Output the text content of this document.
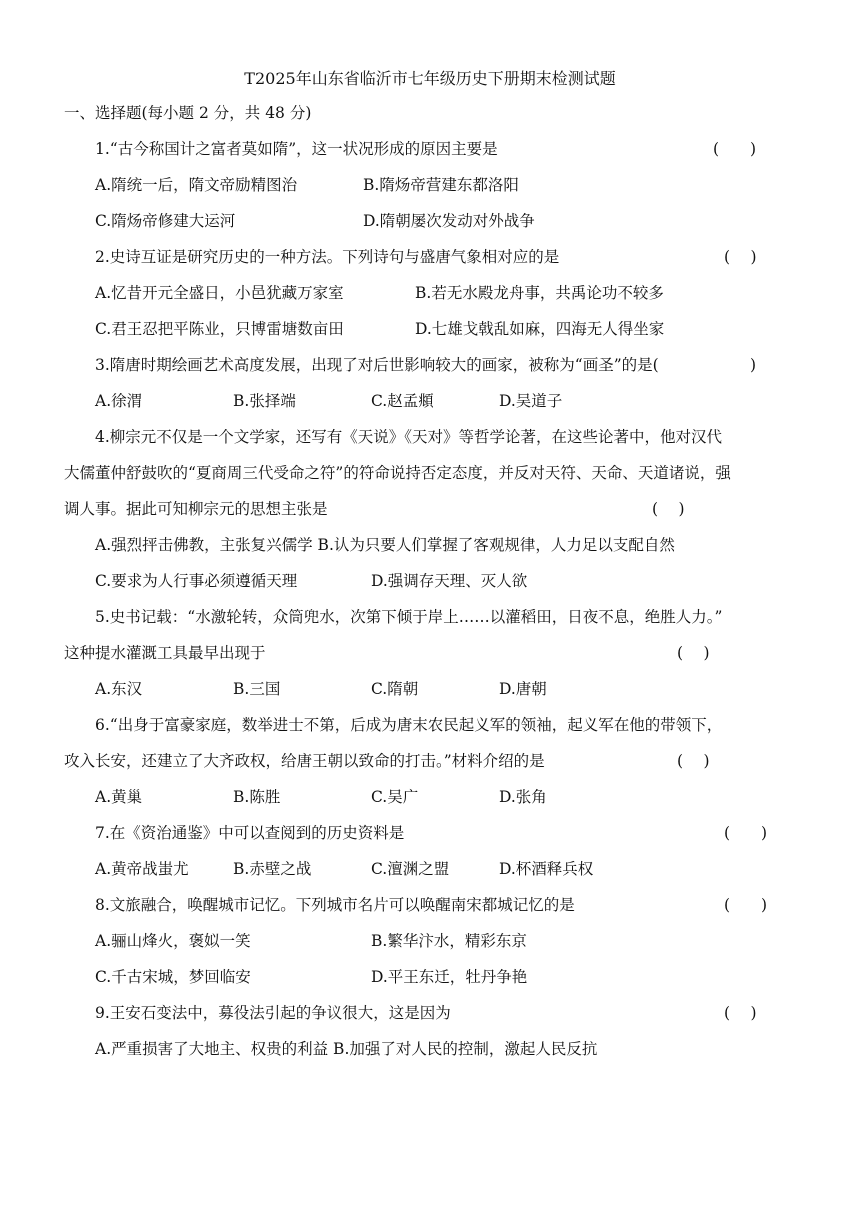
T2025年山东省临沂市七年级历史下册期末检测试题
一、选择题(每小题 2 分，共 48 分)
1.“古今称国计之富者莫如隋”，这一状况形成的原因主要是	(　　)
A.隋统一后，隋文帝励精图治	B.隋炀帝营建东都洛阳
C.隋炀帝修建大运河	D.隋朝屡次发动对外战争
2.史诗互证是研究历史的一种方法。下列诗句与盛唐气象相对应的是	(　 )
A.忆昔开元全盛日，小邑犹藏万家室	B.若无水殿龙舟事，共禹论功不较多
C.君王忍把平陈业，只博雷塘数亩田	D.七雄戈戟乱如麻，四海无人得坐家
3.隋唐时期绘画艺术高度发展，出现了对后世影响较大的画家，被称为“画圣”的是(	)
A.徐渭	B.张择端	C.赵孟頫	D.吴道子
4.柳宗元不仅是一个文学家，还写有《天说》《天对》等哲学论著，在这些论著中，他对汉代
大儒董仲舒鼓吹的“夏商周三代受命之符”的符命说持否定态度，并反对天符、天命、天道诸说，强
调人事。据此可知柳宗元的思想主张是	(　 )
A.强烈抨击佛教，主张复兴儒学 B.认为只要人们掌握了客观规律，人力足以支配自然
C.要求为人行事必须遵循天理	D.强调存天理、灭人欲
5.史书记载：“水激轮转，众筒兜水，次第下倾于岸上……以灌稻田，日夜不息，绝胜人力。”
这种提水灌溉工具最早出现于	(　 )
A.东汉	B.三国	C.隋朝	D.唐朝
6.“出身于富豪家庭，数举进士不第，后成为唐末农民起义军的领袖，起义军在他的带领下，
攻入长安，还建立了大齐政权，给唐王朝以致命的打击。”材料介绍的是	(　 )
A.黄巢	B.陈胜	C.吴广	D.张角
7.在《资治通鉴》中可以查阅到的历史资料是	(　　)
A.黄帝战蚩尤	B.赤壁之战	C.澶渊之盟	D.杯酒释兵权
8.文旅融合，唤醒城市记忆。下列城市名片可以唤醒南宋都城记忆的是	(　　)
A.骊山烽火，褒姒一笑	B.繁华汴水，精彩东京
C.千古宋城，梦回临安	D.平王东迁，牡丹争艳
9.王安石变法中，募役法引起的争议很大，这是因为	(　 )
A.严重损害了大地主、权贵的利益 B.加强了对人民的控制，激起人民反抗
